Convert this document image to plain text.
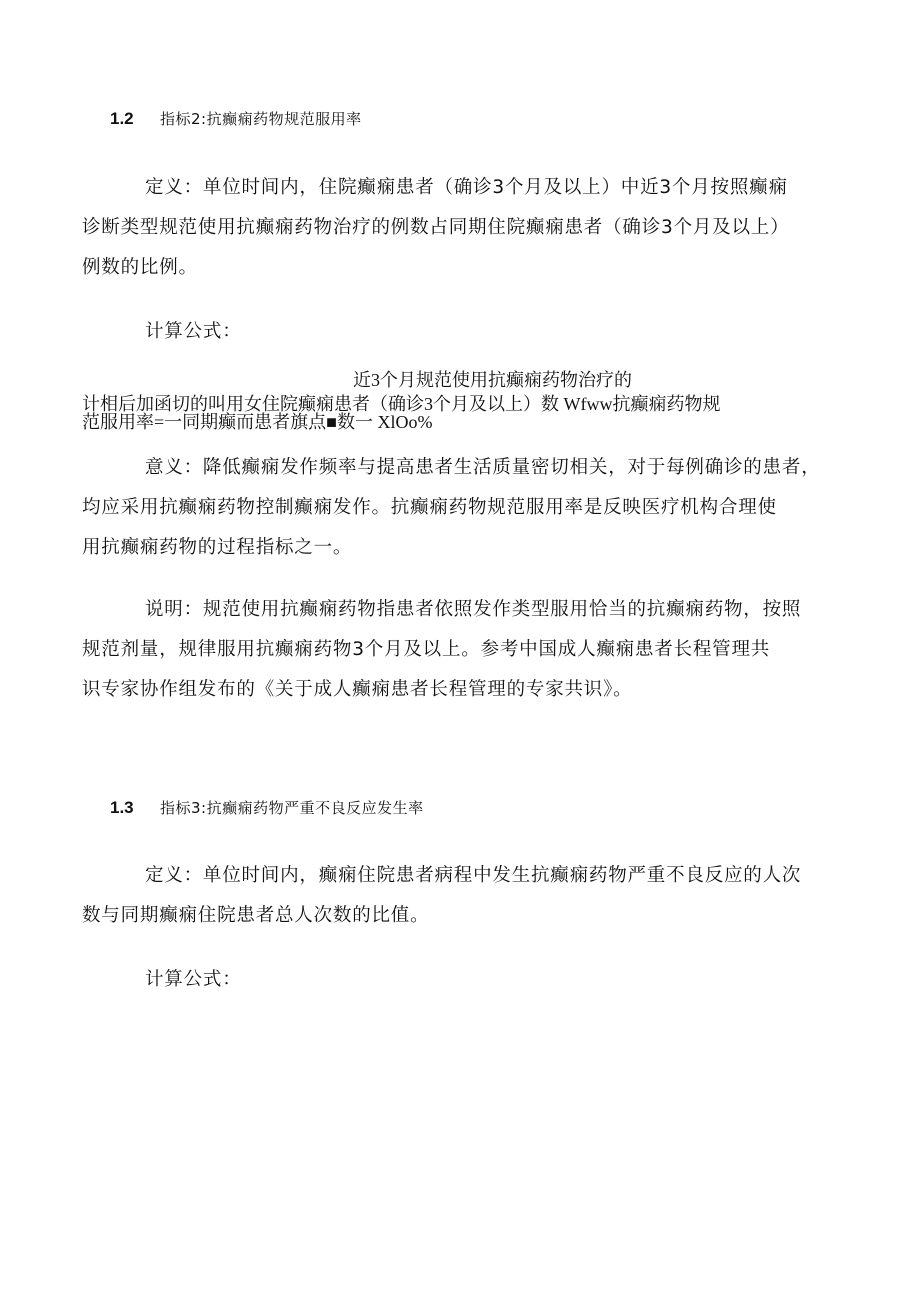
1.2	指标2:抗癫痫药物规范服用率
定义：单位时间内，住院癫痫患者（确诊3个月及以上）中近3个月按照癫痫
诊断类型规范使用抗癫痫药物治疗的例数占同期住院癫痫患者（确诊3个月及以上）
例数的比例。
计算公式：
近3个月规范使用抗癫痫药物治疗的
计相后加函切的叫用女住院癫痫患者（确诊3个月及以上）数 Wfww抗癫痫药物规
范服用率=一同期癫而患者旗点■数一 XlOo%
意义：降低癫痫发作频率与提高患者生活质量密切相关，对于每例确诊的患者，
均应采用抗癫痫药物控制癫痫发作。抗癫痫药物规范服用率是反映医疗机构合理使
用抗癫痫药物的过程指标之一。
说明：规范使用抗癫痫药物指患者依照发作类型服用恰当的抗癫痫药物，按照
规范剂量，规律服用抗癫痫药物3个月及以上。参考中国成人癫痫患者长程管理共
识专家协作组发布的《关于成人癫痫患者长程管理的专家共识》。
1.3	指标3:抗癫痫药物严重不良反应发生率
定义：单位时间内，癫痫住院患者病程中发生抗癫痫药物严重不良反应的人次
数与同期癫痫住院患者总人次数的比值。
计算公式：
